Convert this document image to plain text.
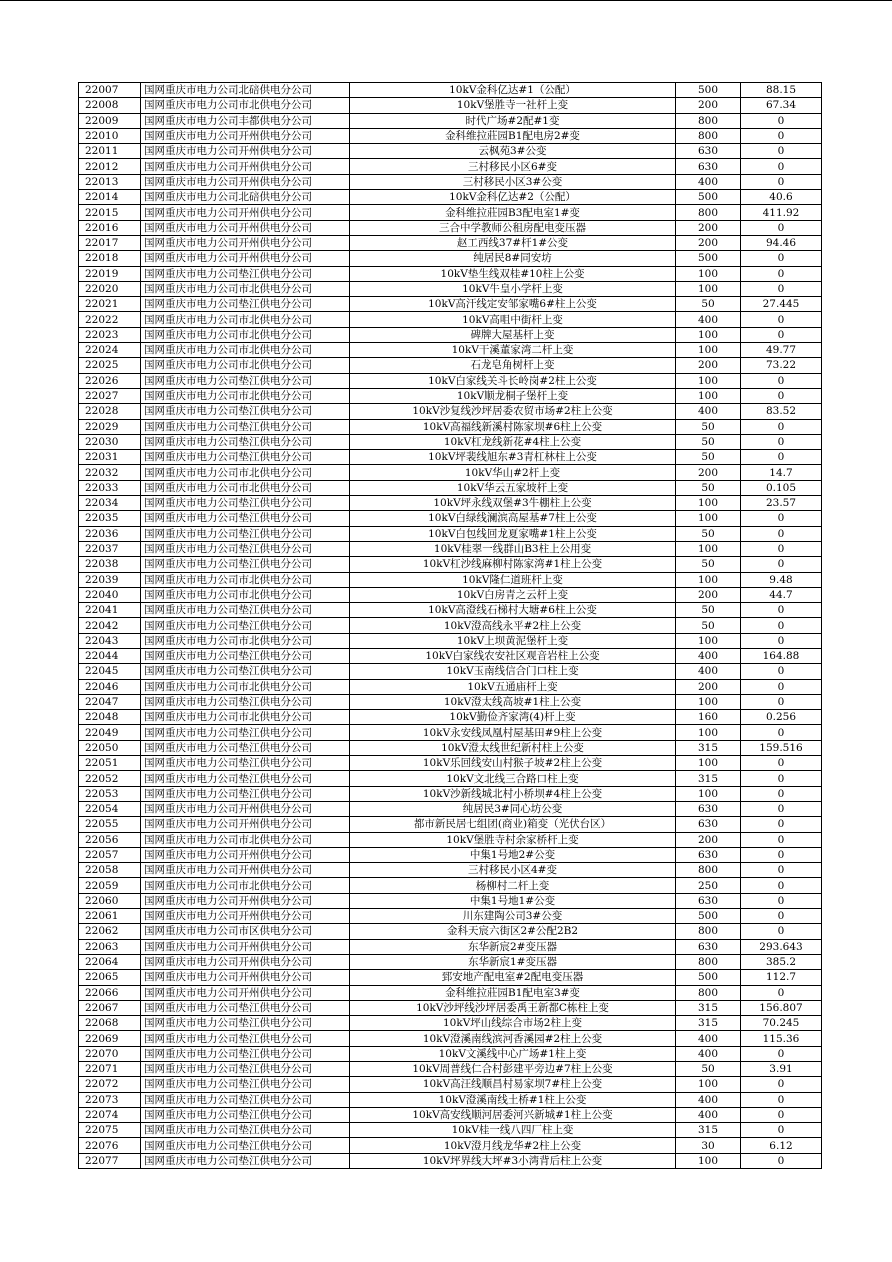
22007	国网重庆市电力公司北碚供电分公司	10kV金科亿达#1（公配）	500	88.15
22008	国网重庆市电力公司市北供电分公司	10kV堡胜寺一社杆上变	200	67.34
22009	国网重庆市电力公司丰都供电分公司	时代广场#2配#1变	800	0
22010	国网重庆市电力公司开州供电分公司	金科维拉莊园B1配电房2#变	800	0
22011	国网重庆市电力公司开州供电分公司	云枫苑3#公变	630	0
22012	国网重庆市电力公司开州供电分公司	三村移民小区6#变	630	0
22013	国网重庆市电力公司开州供电分公司	三村移民小区3#公变	400	0
22014	国网重庆市电力公司北碚供电分公司	10kV金科亿达#2（公配）	500	40.6
22015	国网重庆市电力公司开州供电分公司	金科维拉莊园B3配电室1#变	800	411.92
22016	国网重庆市电力公司开州供电分公司	三合中学教师公租房配电变压器	200	0
22017	国网重庆市电力公司开州供电分公司	赵工西线37#杆1#公变	200	94.46
22018	国网重庆市电力公司开州供电分公司	纯居民8#同安坊	500	0
22019	国网重庆市电力公司垫江供电分公司	10kV垫生线双桂#10柱上公变	100	0
22020	国网重庆市电力公司市北供电分公司	10kV牛皇小学杆上变	100	0
22021	国网重庆市电力公司垫江供电分公司	10kV高汗线定安邹家嘴6#柱上公变	50	27.445
22022	国网重庆市电力公司市北供电分公司	10kV高咀中街杆上变	400	0
22023	国网重庆市电力公司市北供电分公司	碑牌大屋基杆上变	100	0
22024	国网重庆市电力公司市北供电分公司	10kV干溪董家湾二杆上变	100	49.77
22025	国网重庆市电力公司市北供电分公司	石龙皂角树杆上变	200	73.22
22026	国网重庆市电力公司垫江供电分公司	10kV白家线关斗长岭岗#2柱上公变	100	0
22027	国网重庆市电力公司市北供电分公司	10kV顺龙桐子堡杆上变	100	0
22028	国网重庆市电力公司垫江供电分公司	10kV沙复线沙坪居委农贸市场#2柱上公变	400	83.52
22029	国网重庆市电力公司垫江供电分公司	10kV高福线新溪村陈家坝#6柱上公变	50	0
22030	国网重庆市电力公司垫江供电分公司	10kV杠龙线新花#4柱上公变	50	0
22031	国网重庆市电力公司垫江供电分公司	10kV坪裴线旭东#3青杠林柱上公变	50	0
22032	国网重庆市电力公司市北供电分公司	10kV华山#2杆上变	200	14.7
22033	国网重庆市电力公司市北供电分公司	10kV华云五家坡杆上变	50	0.105
22034	国网重庆市电力公司垫江供电分公司	10kV坪永线双堡#3牛棚柱上公变	100	23.57
22035	国网重庆市电力公司垫江供电分公司	10kV白绿线澜滨高屋基#7柱上公变	100	0
22036	国网重庆市电力公司垫江供电分公司	10kV白包线回龙夏家嘴#1柱上公变	50	0
22037	国网重庆市电力公司垫江供电分公司	10kV桂翠一线群山B3柱上公用变	100	0
22038	国网重庆市电力公司垫江供电分公司	10kV杠沙线麻柳村陈家湾#1柱上公变	50	0
22039	国网重庆市电力公司市北供电分公司	10kV隆仁道班杆上变	100	9.48
22040	国网重庆市电力公司市北供电分公司	10kV白房青之云杆上变	200	44.7
22041	国网重庆市电力公司垫江供电分公司	10kV高澄线石梯村大塘#6柱上公变	50	0
22042	国网重庆市电力公司垫江供电分公司	10kV澄高线永平#2柱上公变	50	0
22043	国网重庆市电力公司市北供电分公司	10kV上坝黄泥堡杆上变	100	0
22044	国网重庆市电力公司垫江供电分公司	10kV白家线农安社区观音岩柱上公变	400	164.88
22045	国网重庆市电力公司垫江供电分公司	10kV玉南线信合门口柱上变	400	0
22046	国网重庆市电力公司市北供电分公司	10kV五通庙杆上变	200	0
22047	国网重庆市电力公司垫江供电分公司	10kV澄太线高坡#1柱上公变	100	0
22048	国网重庆市电力公司市北供电分公司	10kV勤俭齐家湾(4)杆上变	160	0.256
22049	国网重庆市电力公司垫江供电分公司	10kV永安线凤凰村屋基田#9柱上公变	100	0
22050	国网重庆市电力公司垫江供电分公司	10kV澄太线世纪新村柱上公变	315	159.516
22051	国网重庆市电力公司垫江供电分公司	10kV乐回线安山村猴子坡#2柱上公变	100	0
22052	国网重庆市电力公司垫江供电分公司	10kV文北线三合路口柱上变	315	0
22053	国网重庆市电力公司垫江供电分公司	10kV沙新线城北村小桥坝#4柱上公变	100	0
22054	国网重庆市电力公司开州供电分公司	纯居民3#同心坊公变	630	0
22055	国网重庆市电力公司开州供电分公司	都市新民居七组团(商业)箱变（光伏台区）	630	0
22056	国网重庆市电力公司市北供电分公司	10kV堡胜寺村余家桥杆上变	200	0
22057	国网重庆市电力公司开州供电分公司	中集1号地2#公变	630	0
22058	国网重庆市电力公司开州供电分公司	三村移民小区4#变	800	0
22059	国网重庆市电力公司市北供电分公司	杨柳村二杆上变	250	0
22060	国网重庆市电力公司开州供电分公司	中集1号地1#公变	630	0
22061	国网重庆市电力公司开州供电分公司	川东建陶公司3#公变	500	0
22062	国网重庆市电力公司市区供电分公司	金科天宸六街区2#公配2B2	800	0
22063	国网重庆市电力公司开州供电分公司	东华新宸2#变压器	630	293.643
22064	国网重庆市电力公司开州供电分公司	东华新宸1#变压器	800	385.2
22065	国网重庆市电力公司开州供电分公司	郅安地产配电室#2配电变压器	500	112.7
22066	国网重庆市电力公司开州供电分公司	金科维拉莊园B1配电室3#变	800	0
22067	国网重庆市电力公司垫江供电分公司	10kV沙坪线沙坪居委禹王新都C栋柱上变	315	156.807
22068	国网重庆市电力公司垫江供电分公司	10kV坪山线综合市场2柱上变	315	70.245
22069	国网重庆市电力公司垫江供电分公司	10kV澄溪南线滨河香溪园#2柱上公变	400	115.36
22070	国网重庆市电力公司垫江供电分公司	10kV文溪线中心广场#1柱上变	400	0
22071	国网重庆市电力公司垫江供电分公司	10kV周普线仁合村彭建平旁边#7柱上公变	50	3.91
22072	国网重庆市电力公司垫江供电分公司	10kV高汪线顺昌村易家坝7#柱上公变	100	0
22073	国网重庆市电力公司垫江供电分公司	10kV澄溪南线土桥#1柱上公变	400	0
22074	国网重庆市电力公司垫江供电分公司	10kV高安线顺河居委河兴新城#1柱上公变	400	0
22075	国网重庆市电力公司垫江供电分公司	10kV桂一线八四厂柱上变	315	0
22076	国网重庆市电力公司垫江供电分公司	10kV澄月线龙华#2柱上公变	30	6.12
22077	国网重庆市电力公司垫江供电分公司	10kV坪界线大坪#3小湾背后柱上公变	100	0
